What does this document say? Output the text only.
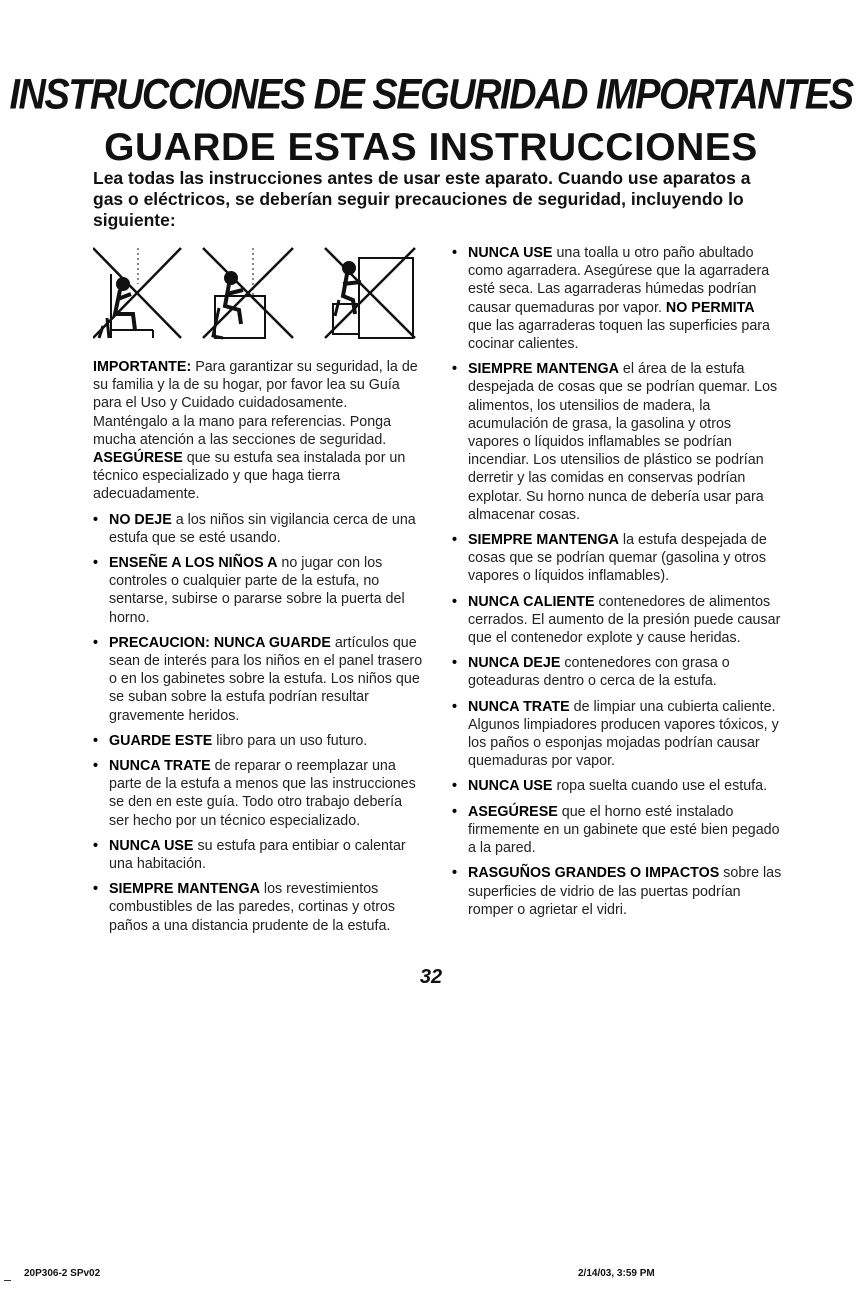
INSTRUCCIONES DE SEGURIDAD IMPORTANTES
GUARDE ESTAS INSTRUCCIONES
Lea todas las instrucciones antes de usar este aparato. Cuando use aparatos a gas o eléctricos, se deberían seguir precauciones de seguridad, incluyendo lo siguiente:

IMPORTANTE: Para garantizar su seguridad, la de su familia y la de su hogar, por favor lea su Guía para el Uso y Cuidado cuidadosamente. Manténgalo a la mano para referencias. Ponga mucha atención a las secciones de seguridad. ASEGÚRESE que su estufa sea instalada por un técnico especializado y que haga tierra adecuadamente.

• NO DEJE a los niños sin vigilancia cerca de una estufa que se esté usando.
• ENSEÑE A LOS NIÑOS A no jugar con los controles o cualquier parte de la estufa, no sentarse, subirse o pararse sobre la puerta del horno.
• PRECAUCION: NUNCA GUARDE artículos que sean de interés para los niños en el panel trasero o en los gabinetes sobre la estufa. Los niños que se suban sobre la estufa podrían resultar gravemente heridos.
• GUARDE ESTE libro para un uso futuro.
• NUNCA TRATE de reparar o reemplazar una parte de la estufa a menos que las instrucciones se den en este guía. Todo otro trabajo debería ser hecho por un técnico especializado.
• NUNCA USE su estufa para entibiar o calentar una habitación.
• SIEMPRE MANTENGA los revestimientos combustibles de las paredes, cortinas y otros paños a una distancia prudente de la estufa.
• NUNCA USE una toalla u otro paño abultado como agarradera. Asegúrese que la agarradera esté seca. Las agarraderas húmedas podrían causar quemaduras por vapor. NO PERMITA que las agarraderas toquen las superficies para cocinar calientes.
• SIEMPRE MANTENGA el área de la estufa despejada de cosas que se podrían quemar. Los alimentos, los utensilios de madera, la acumulación de grasa, la gasolina y otros vapores o líquidos inflamables se podrían incendiar. Los utensilios de plástico se podrían derretir y las comidas en conservas podrían explotar. Su horno nunca de debería usar para almacenar cosas.
• SIEMPRE MANTENGA la estufa despejada de cosas que se podrían quemar (gasolina y otros vapores o líquidos inflamables).
• NUNCA CALIENTE contenedores de alimentos cerrados. El aumento de la presión puede causar que el contenedor explote y cause heridas.
• NUNCA DEJE contenedores con grasa o goteaduras dentro o cerca de la estufa.
• NUNCA TRATE de limpiar una cubierta caliente. Algunos limpiadores producen vapores tóxicos, y los paños o esponjas mojadas podrían causar quemaduras por vapor.
• NUNCA USE ropa suelta cuando use el estufa.
• ASEGÚRESE que el horno esté instalado firmemente en un gabinete que esté bien pegado a la pared.
• RASGUÑOS GRANDES O IMPACTOS sobre las superficies de vidrio de las puertas podrían romper o agrietar el vidri.
32
20P306-2 SPv02	2/14/03, 3:59 PM
